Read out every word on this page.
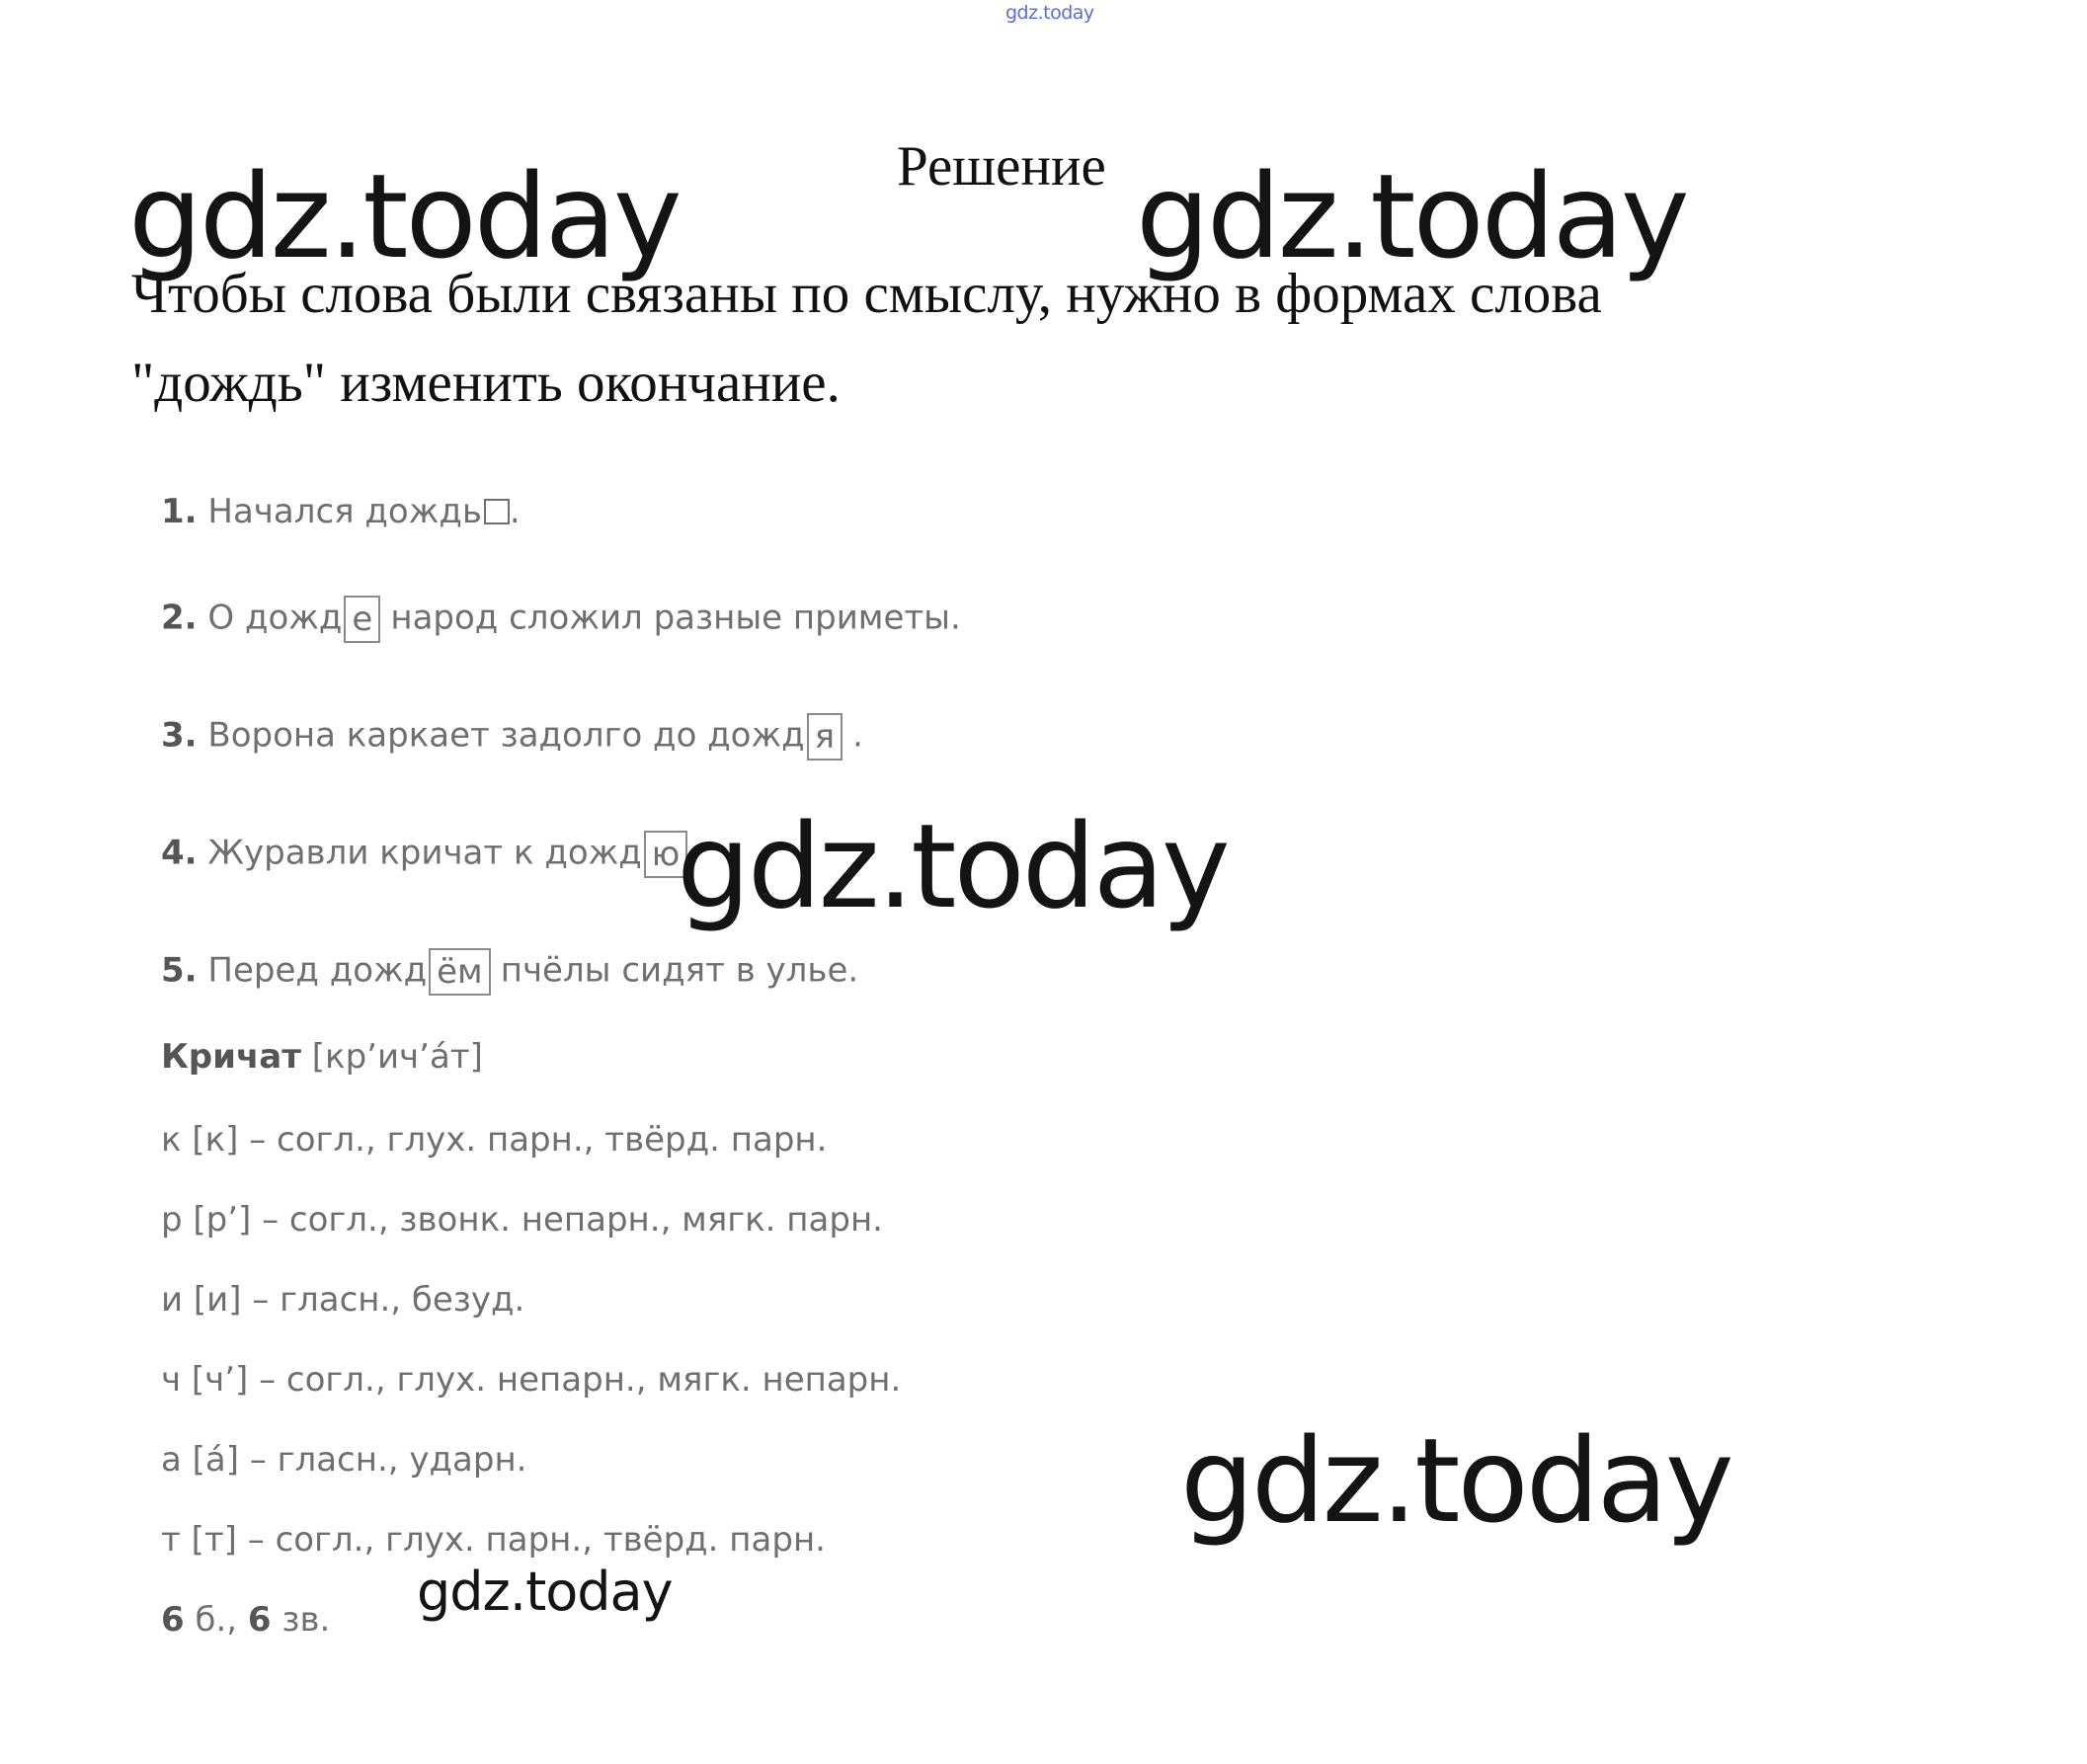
gdz.today
Решение
Чтобы слова были связаны по смыслу, нужно в формах слова
"дождь" изменить окончание.
1. Начался дождь .
2. О дожд е народ сложил разные приметы.
3. Ворона каркает задолго до дожд я .
4. Журавли кричат к дожд ю
5. Перед дожд ём пчёлы сидят в улье.
Кричат [кр’ич’áт]
к [к] – согл., глух. парн., твёрд. парн.
р [р’] – согл., звонк. непарн., мягк. парн.
и [и] – гласн., безуд.
ч [ч’] – согл., глух. непарн., мягк. непарн.
а [á] – гласн., ударн.
т [т] – согл., глух. парн., твёрд. парн.
6 б., 6 зв.
gdz.today	gdz.today
gdz.today
gdz.today
gdz.today
